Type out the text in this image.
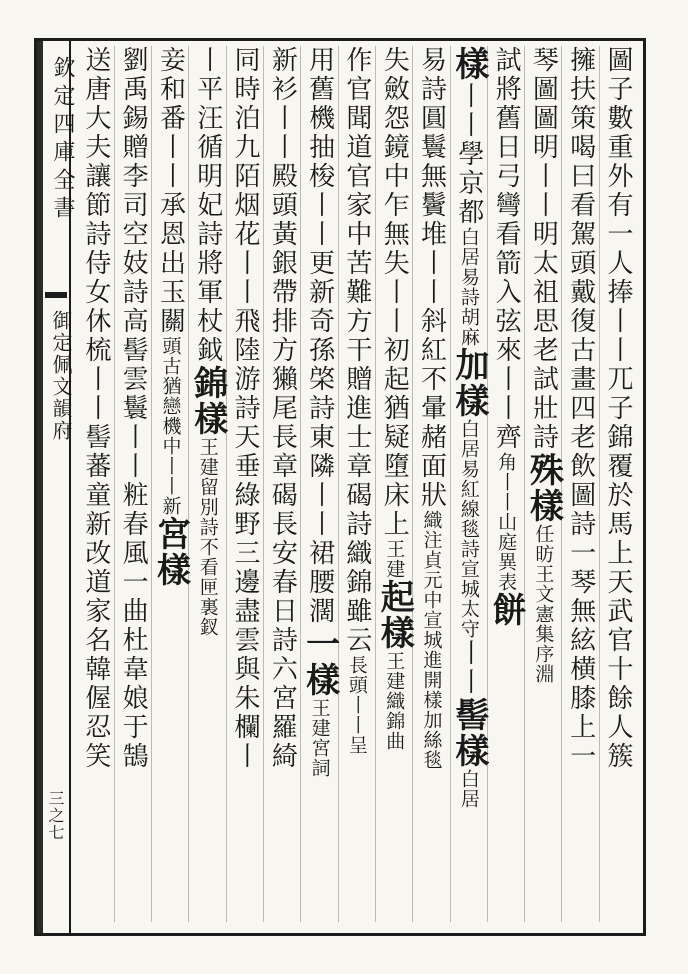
欽定四庫全書
御定佩文韻府
三之七
圖子數重外有一人捧丨丨兀子錦覆於馬上天武官十餘人簇
擁扶策喝曰看駕頭戴復古畫四老飲圖詩一琴無絃横膝上一
琴圖圖明丨丨明太祖思老試壯詩殊樣任昉王文憲集序淵
試將舊日弓彎看箭入弦來丨丨齊角丨丨山庭異表餅
樣丨丨學京都白居易詩胡麻加樣白居易紅線毯詩宣城太守丨丨髻樣白居
易詩圓鬟無鬢堆丨丨斜紅不暈赭面狀織注貞元中宣城進開樣加絲毯
失斂怨鏡中乍無失丨丨初起猶疑墮床上王建起樣王建織錦曲
作官聞道官家中苦難方干贈進士章碣詩織錦雖云長頭丨丨呈
用舊機抽梭丨丨更新奇孫棨詩東隣丨丨裙腰濶一樣王建宮詞
新衫丨丨殿頭黃銀帶排方獺尾長章碣長安春日詩六宮羅綺
同時泊九陌烟花丨丨飛陸游詩天垂綠野三邊盡雲與朱欄丨
丨平汪循明妃詩將軍杖鉞錦樣王建留別詩不看匣裏釵
妾和番丨丨承恩出玉關頭古猶戀機中丨丨新宮樣
劉禹錫贈李司空妓詩高髻雲鬟丨丨粧春風一曲杜韋娘于鵠
送唐大夫讓節詩侍女休梳丨丨髻蕃童新改道家名韓偓忍笑
